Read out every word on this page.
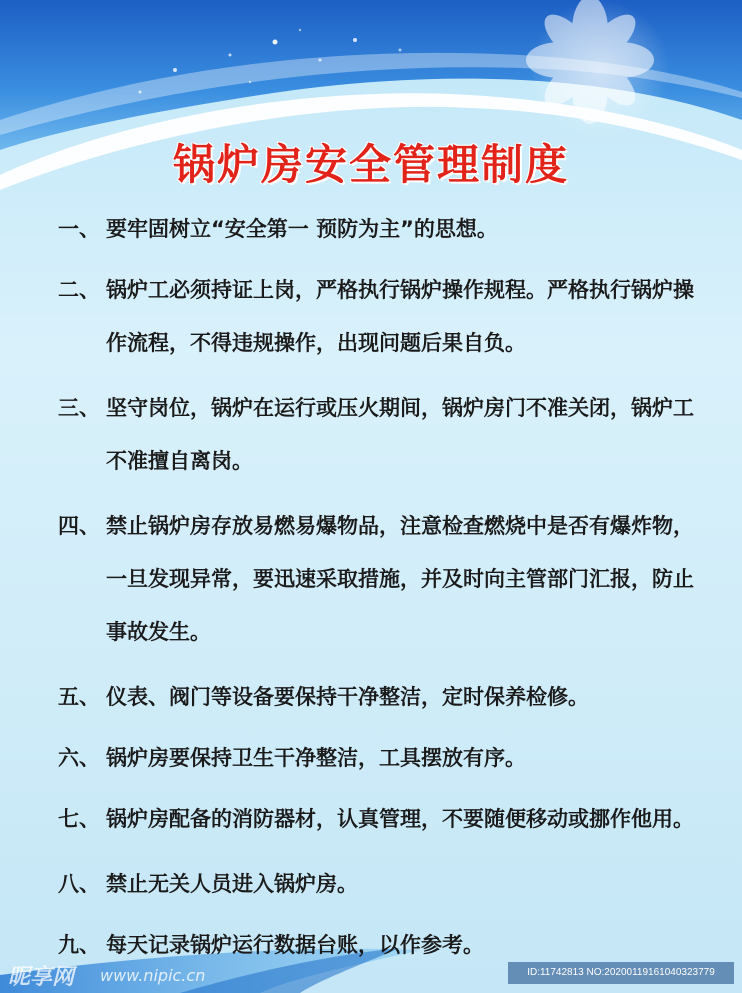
锅炉房安全管理制度
一、 要牢固树立“安全第一 预防为主”的思想。
二、 锅炉工必须持证上岗，严格执行锅炉操作规程。严格执行锅炉操作流程，不得违规操作，出现问题后果自负。
三、 坚守岗位，锅炉在运行或压火期间，锅炉房门不准关闭，锅炉工不准擅自离岗。
四、 禁止锅炉房存放易燃易爆物品，注意检查燃烧中是否有爆炸物，一旦发现异常，要迅速采取措施，并及时向主管部门汇报，防止事故发生。
五、 仪表、阀门等设备要保持干净整洁，定时保养检修。
六、 锅炉房要保持卫生干净整洁，工具摆放有序。
七、 锅炉房配备的消防器材，认真管理，不要随便移动或挪作他用。
八、 禁止无关人员进入锅炉房。
九、 每天记录锅炉运行数据台账，以作参考。
昵享网 www.nipic.cn	ID:11742813 NO:20200119161040323779
